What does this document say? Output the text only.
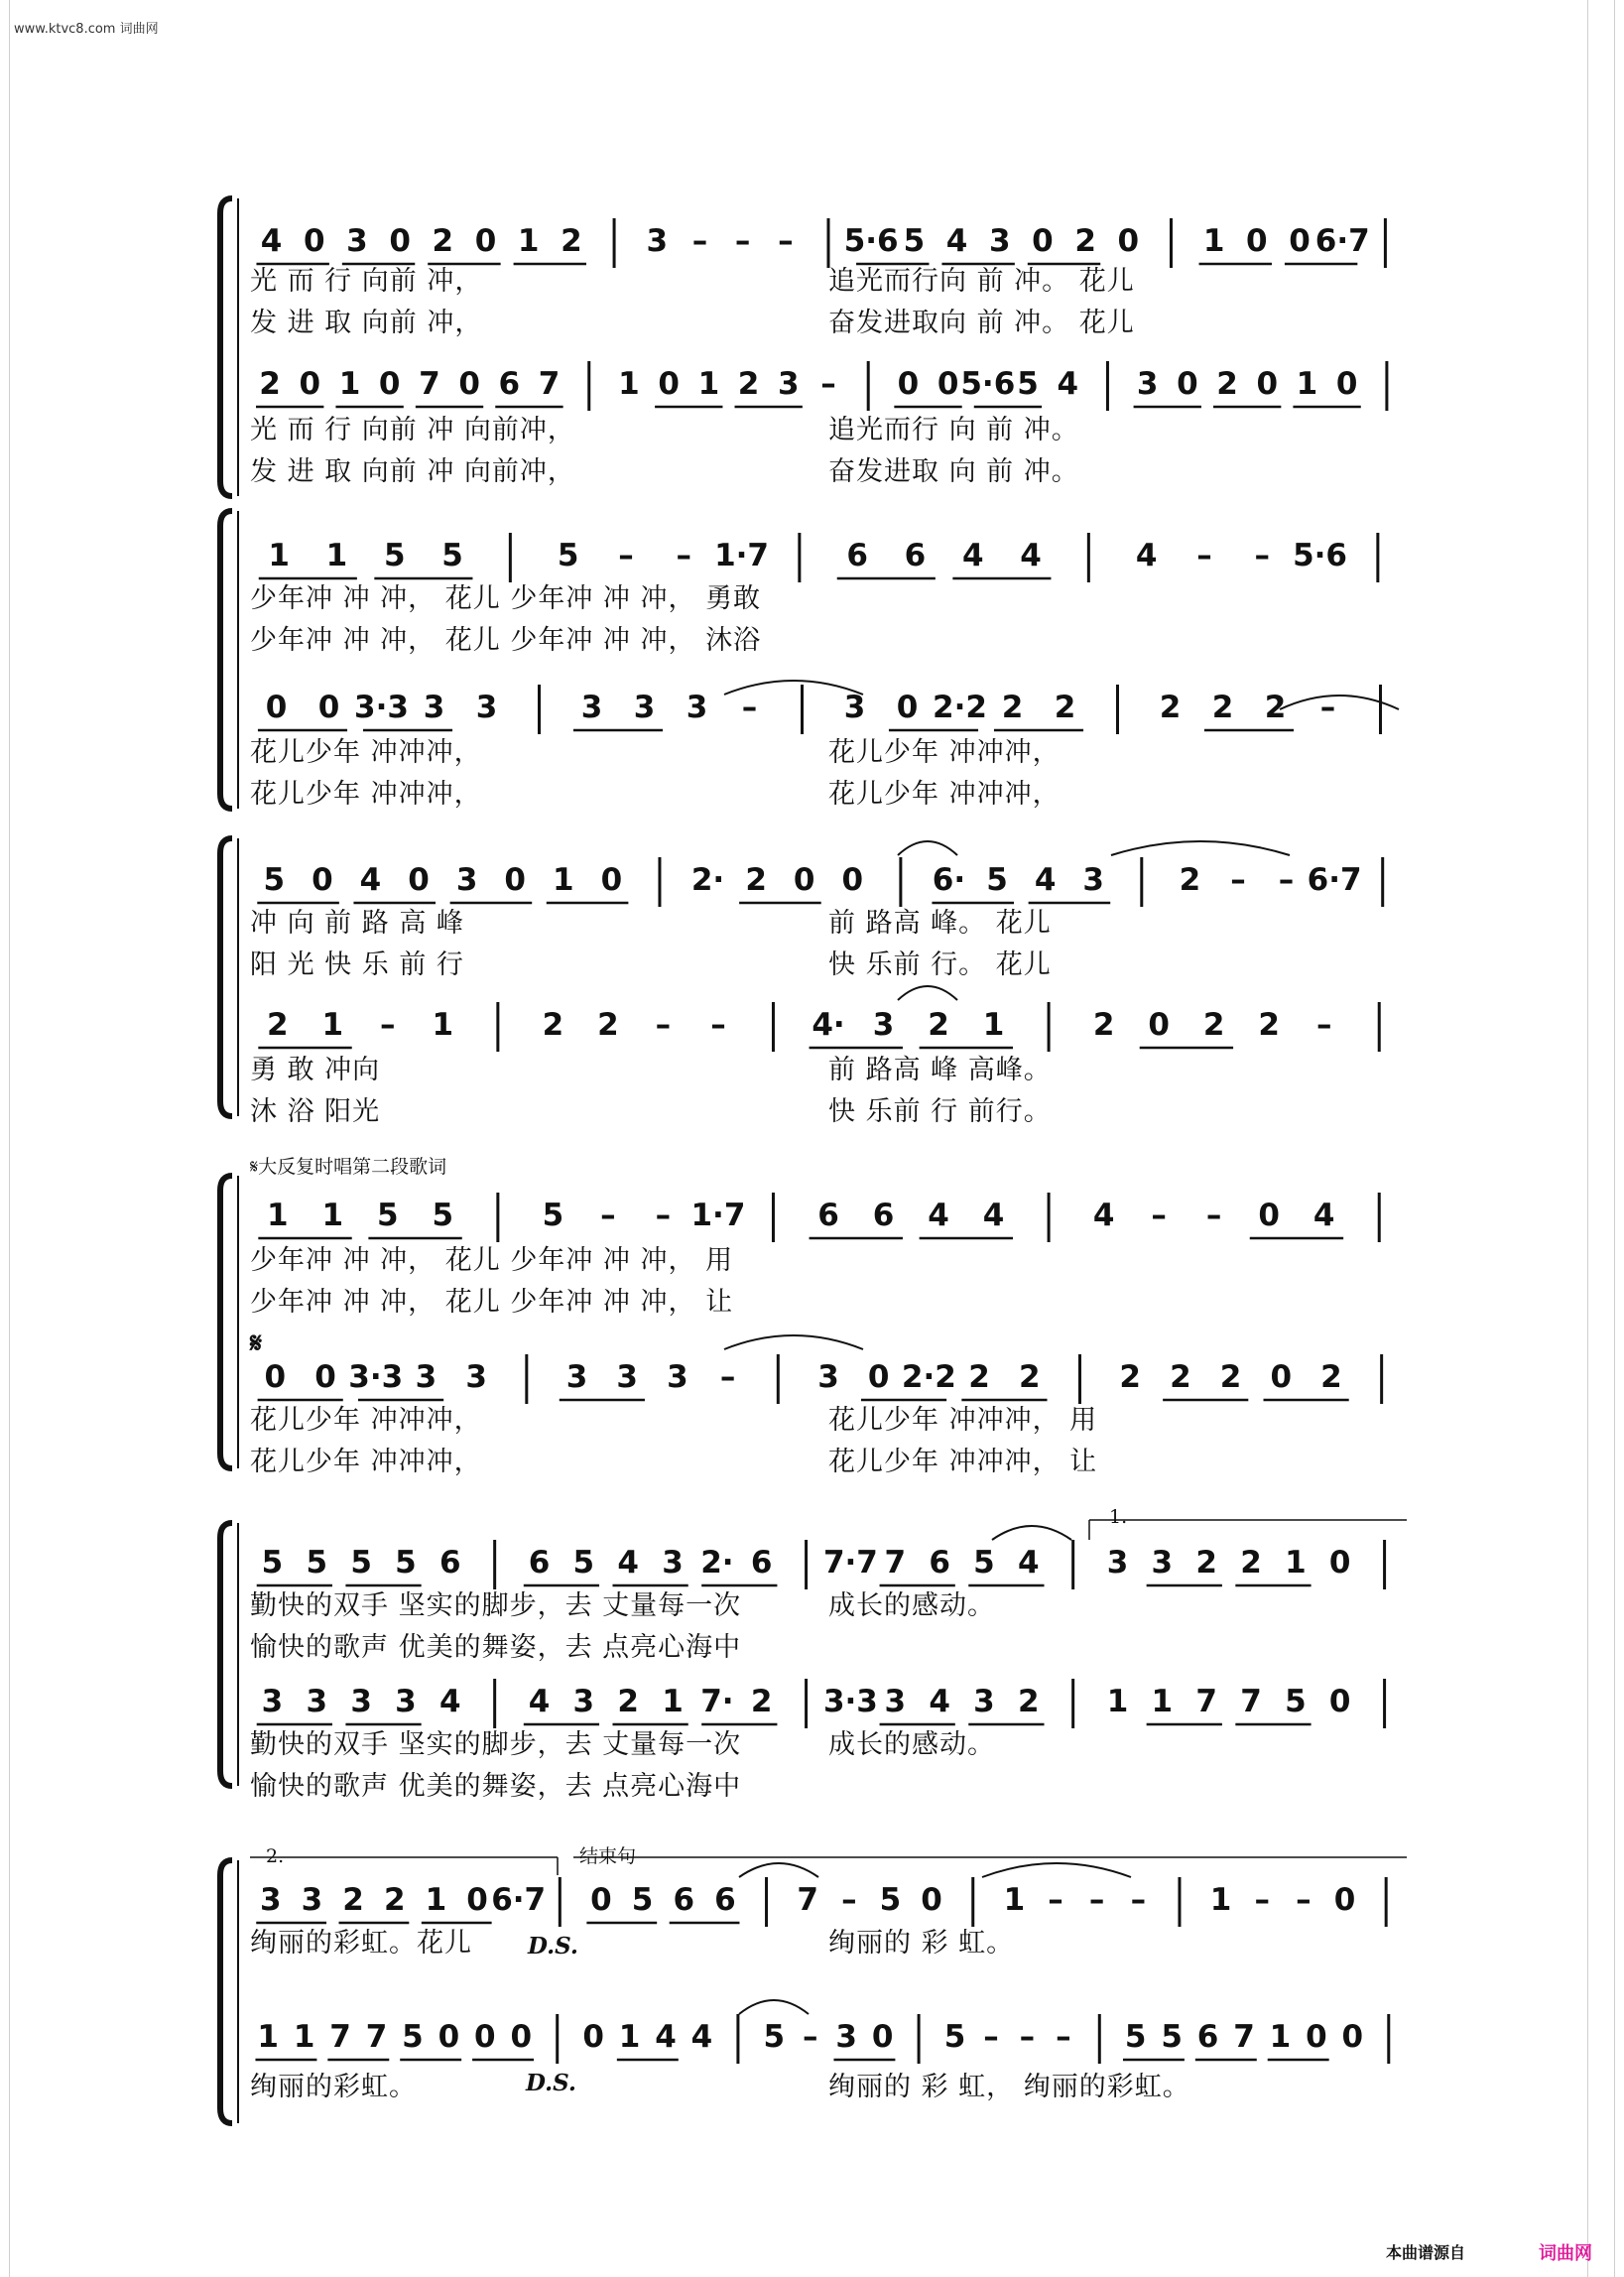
www.ktvc8.com 词曲网
4 0 3 0 2 0 1 2 3 – – – 5·6 5 4 3 0 2 0 1 0 0 6·7
光 而 行 向前 冲，	追光而行向 前 冲。 花儿
发 进 取 向前 冲，	奋发进取向 前 冲。 花儿
2 0 1 0 7 0 6 7 1 0 1 2 3 – 0 0 5·6 5 4 3 0 2 0 1 0
光 而 行 向前 冲 向前冲，	追光而行 向 前 冲。
发 进 取 向前 冲 向前冲，	奋发进取 向 前 冲。
1 1 5 5	5 – – 1·7	6 6 4 4	4 – – 5·6
少年冲 冲 冲， 花儿 少年冲 冲 冲， 勇敢
少年冲 冲 冲， 花儿 少年冲 冲 冲， 沐浴
0 0 3·3 3 3	3 3 3 –	3 0 2·2 2 2	2 2 2 –
花儿少年 冲冲冲，	花儿少年 冲冲冲，
花儿少年 冲冲冲，	花儿少年 冲冲冲，
5 0 4 0 3 0 1 0 2· 2 0 0 6· 5 4 3 2 – – 6·7
冲 向 前 路 高 峰	前 路高 峰。 花儿
阳 光 快 乐 前 行	快 乐前 行。 花儿
2 1 – 1	2 2 – –	4· 3 2 1	2 0 2 2 –
勇 敢 冲向	前 路高 峰 高峰。
沐 浴 阳光	快 乐前 行 前行。
1 1 5 5	5 – – 1·7 6 6 4 4	4 – – 0 4
少年冲 冲 冲， 花儿 少年冲 冲 冲， 用
少年冲 冲 冲， 花儿 少年冲 冲 冲， 让
0 0 3·3 3 3	3 3 3 –	3 0 2·2 2 2	2 2 2 0 2
花儿少年 冲冲冲，	花儿少年 冲冲冲， 用
花儿少年 冲冲冲，	花儿少年 冲冲冲， 让
5 5 5 5 6 6 5 4 3 2· 6 7·7 7 6 5 4 3 3 2 2 1 0
勤快的双手 坚实的脚步，去 丈量每一次	成长的感动。
愉快的歌声 优美的舞姿，去 点亮心海中
3 3 3 3 4 4 3 2 1 7· 2 3·3 3 4 3 2 1 1 7 7 5 0
勤快的双手 坚实的脚步，去 丈量每一次	成长的感动。
愉快的歌声 优美的舞姿，去 点亮心海中
3 3 2 2 1 0 6·7 0 5 6 6 7 – 5 0 1 – – – 1 – – 0
绚丽的彩虹。花儿	绚丽的 彩 虹。
1 1 7 7 5 0 0 0 0 1 4 4 5 – 3 0 5 – – – 5 5 6 7 1 0 0
绚丽的彩虹。	绚丽的 彩 虹， 绚丽的彩虹。
𝄋大反复时唱第二段歌词
𝄋
1.
2.	结束句
D.S.
D.S.
本曲谱源自	词曲网
